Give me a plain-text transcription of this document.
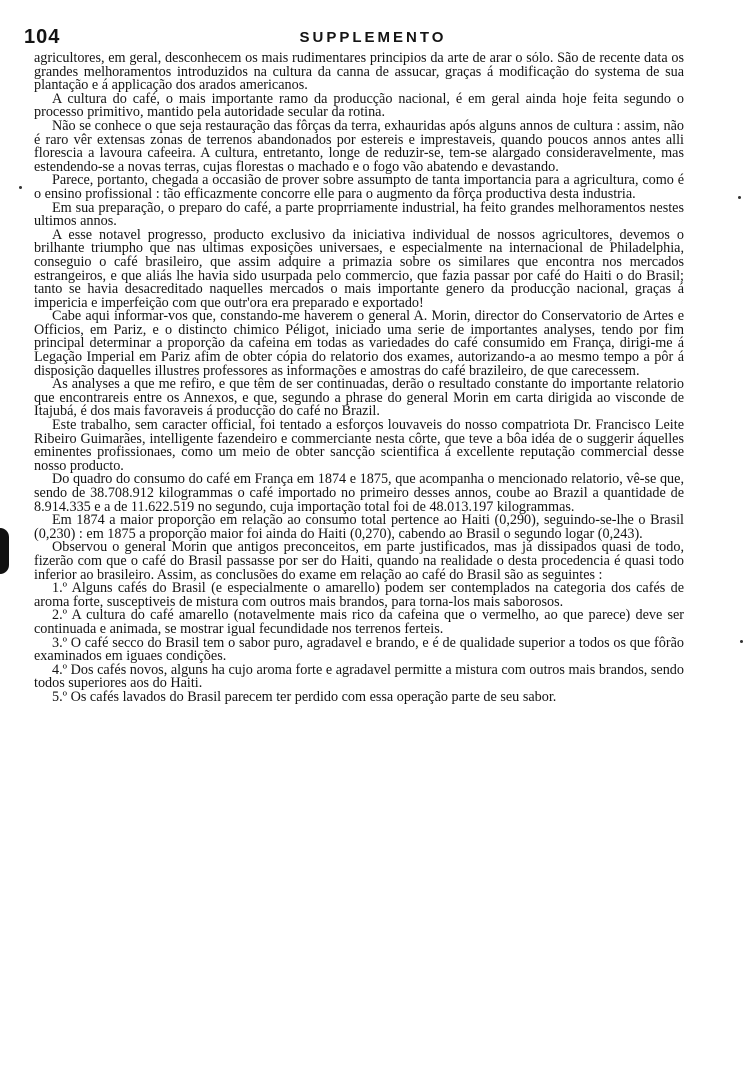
104	SUPPLEMENTO

agricultores, em geral, desconhecem os mais rudimentares principios da arte de arar o sólo. São de recente data os grandes melhoramentos introduzidos na cultura da canna de assucar, graças á modificação do systema de sua plantação e á applicação dos arados americanos.

A cultura do café, o mais importante ramo da producção nacional, é em geral ainda hoje feita segundo o processo primitivo, mantido pela autoridade secular da rotina.

Não se conhece o que seja restauração das fôrças da terra, exhauridas após alguns annos de cultura : assim, não é raro vêr extensas zonas de terrenos abandonados por estereis e imprestaveis, quando poucos annos antes alli florescia a lavoura cafeeira. A cultura, entretanto, longe de reduzir-se, tem-se alargado consideravelmente, mas estendendo-se a novas terras, cujas florestas o machado e o fogo vão abatendo e devastando.

Parece, portanto, chegada a occasião de prover sobre assumpto de tanta importancia para a agricultura, como é o ensino profissional : tão efficazmente concorre elle para o augmento da fôrça productiva desta industria.

Em sua preparação, o preparo do café, a parte proprriamente industrial, ha feito grandes melhoramentos nestes ultimos annos.

A esse notavel progresso, producto exclusivo da iniciativa individual de nossos agricultores, devemos o brilhante triumpho que nas ultimas exposições universaes, e especialmente na internacional de Philadelphia, conseguio o café brasileiro, que assim adquire a primazia sobre os similares que encontra nos mercados estrangeiros, e que aliás lhe havia sido usurpada pelo commercio, que fazia passar por café do Haiti o do Brasil; tanto se havia desacreditado naquelles mercados o mais importante genero da producção nacional, graças á impericia e imperfeição com que outr'ora era preparado e exportado!

Cabe aqui informar-vos que, constando-me haverem o general A. Morin, director do Conservatorio de Artes e Officios, em Pariz, e o distincto chimico Péligot, iniciado uma serie de importantes analyses, tendo por fim principal determinar a proporção da cafeina em todas as variedades do café consumido em França, dirigi-me á Legação Imperial em Pariz afim de obter cópia do relatorio dos exames, autorizando-a ao mesmo tempo a pôr á disposição daquelles illustres professores as informações e amostras do café brazileiro, de que carecessem.

As analyses a que me refiro, e que têm de ser continuadas, derão o resultado constante do importante relatorio que encontrareis entre os Annexos, e que, segundo a phrase do general Morin em carta dirigida ao visconde de Itajubá, é dos mais favoraveis á producção do café no Brazil.

Este trabalho, sem caracter official, foi tentado a esforços louvaveis do nosso compatriota Dr. Francisco Leite Ribeiro Guimarães, intelligente fazendeiro e commerciante nesta côrte, que teve a bôa idéa de o suggerir áquelles eminentes profissionaes, como um meio de obter sancção scientifica á excellente reputação commercial desse nosso producto.

Do quadro do consumo do café em França em 1874 e 1875, que acompanha o mencionado relatorio, vê-se que, sendo de 38.708.912 kilogrammas o café importado no primeiro desses annos, coube ao Brazil a quantidade de 8.914.335 e a de 11.622.519 no segundo, cuja importação total foi de 48.013.197 kilogrammas.

Em 1874 a maior proporção em relação ao consumo total pertence ao Haiti (0,290), seguindo-se-lhe o Brasil (0,230) : em 1875 a proporção maior foi ainda do Haiti (0,270), cabendo ao Brasil o segundo logar (0,243).

Observou o general Morin que antigos preconceitos, em parte justificados, mas já dissipados quasi de todo, fizerão com que o café do Brasil passasse por ser do Haiti, quando na realidade o desta procedencia é quasi todo inferior ao brasileiro. Assim, as conclusões do exame em relação ao café do Brasil são as seguintes :

1.º Alguns cafés do Brasil (e especialmente o amarello) podem ser contemplados na categoria dos cafés de aroma forte, susceptiveis de mistura com outros mais brandos, para torna-los mais saborosos.

2.º A cultura do café amarello (notavelmente mais rico da cafeina que o vermelho, ao que parece) deve ser continuada e animada, se mostrar igual fecundidade nos terrenos ferteis.

3.º O café secco do Brasil tem o sabor puro, agradavel e brando, e é de qualidade superior a todos os que fôrão examinados em iguaes condições.

4.º Dos cafés novos, alguns ha cujo aroma forte e agradavel permitte a mistura com outros mais brandos, sendo todos superiores aos do Haiti.

5.º Os cafés lavados do Brasil parecem ter perdido com essa operação parte de seu sabor.
